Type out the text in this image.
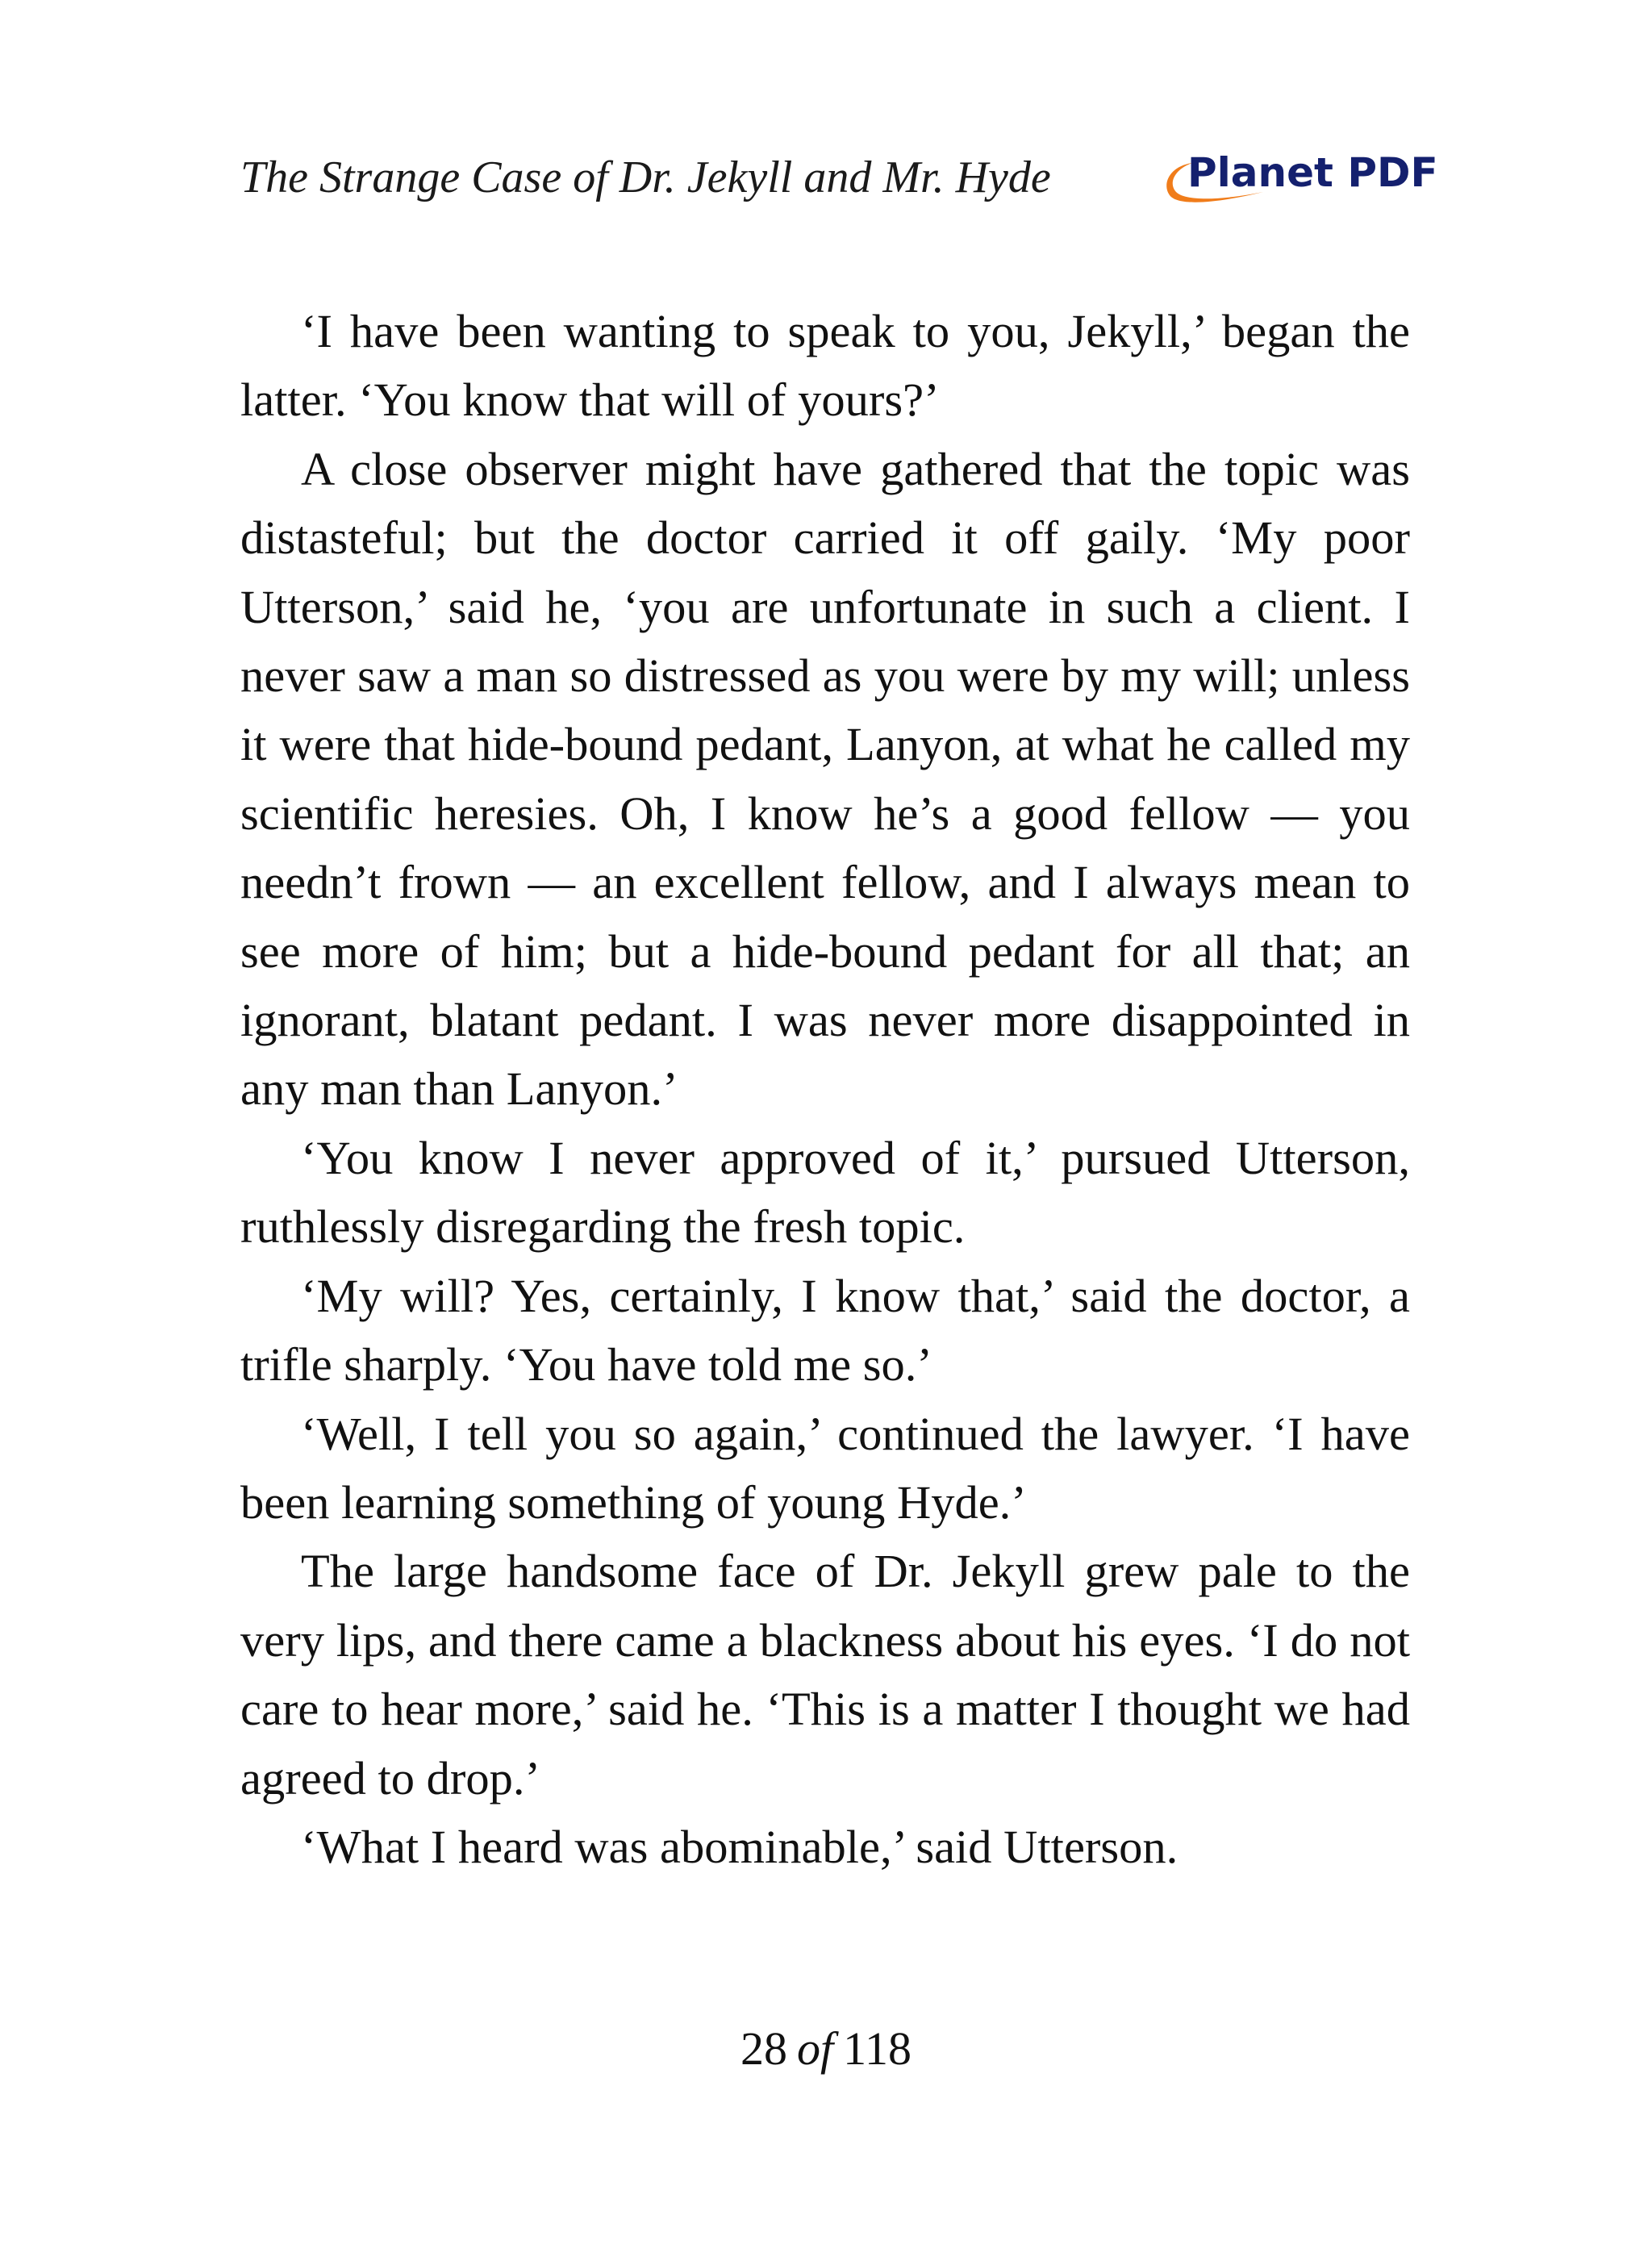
The Strange Case of Dr. Jekyll and Mr. Hyde	Planet PDF

‘I have been wanting to speak to you, Jekyll,’ began the latter. ‘You know that will of yours?’

A close observer might have gathered that the topic was distasteful; but the doctor carried it off gaily. ‘My poor Utterson,’ said he, ‘you are unfortunate in such a client. I never saw a man so distressed as you were by my will; unless it were that hide-bound pedant, Lanyon, at what he called my scientific heresies. Oh, I know he’s a good fellow — you needn’t frown — an excellent fellow, and I always mean to see more of him; but a hide-bound pedant for all that; an ignorant, blatant pedant. I was never more disappointed in any man than Lanyon.’

‘You know I never approved of it,’ pursued Utterson, ruthlessly disregarding the fresh topic.

‘My will? Yes, certainly, I know that,’ said the doctor, a trifle sharply. ‘You have told me so.’

‘Well, I tell you so again,’ continued the lawyer. ‘I have been learning something of young Hyde.’

The large handsome face of Dr. Jekyll grew pale to the very lips, and there came a blackness about his eyes. ‘I do not care to hear more,’ said he. ‘This is a matter I thought we had agreed to drop.’

‘What I heard was abominable,’ said Utterson.

28 of 118
